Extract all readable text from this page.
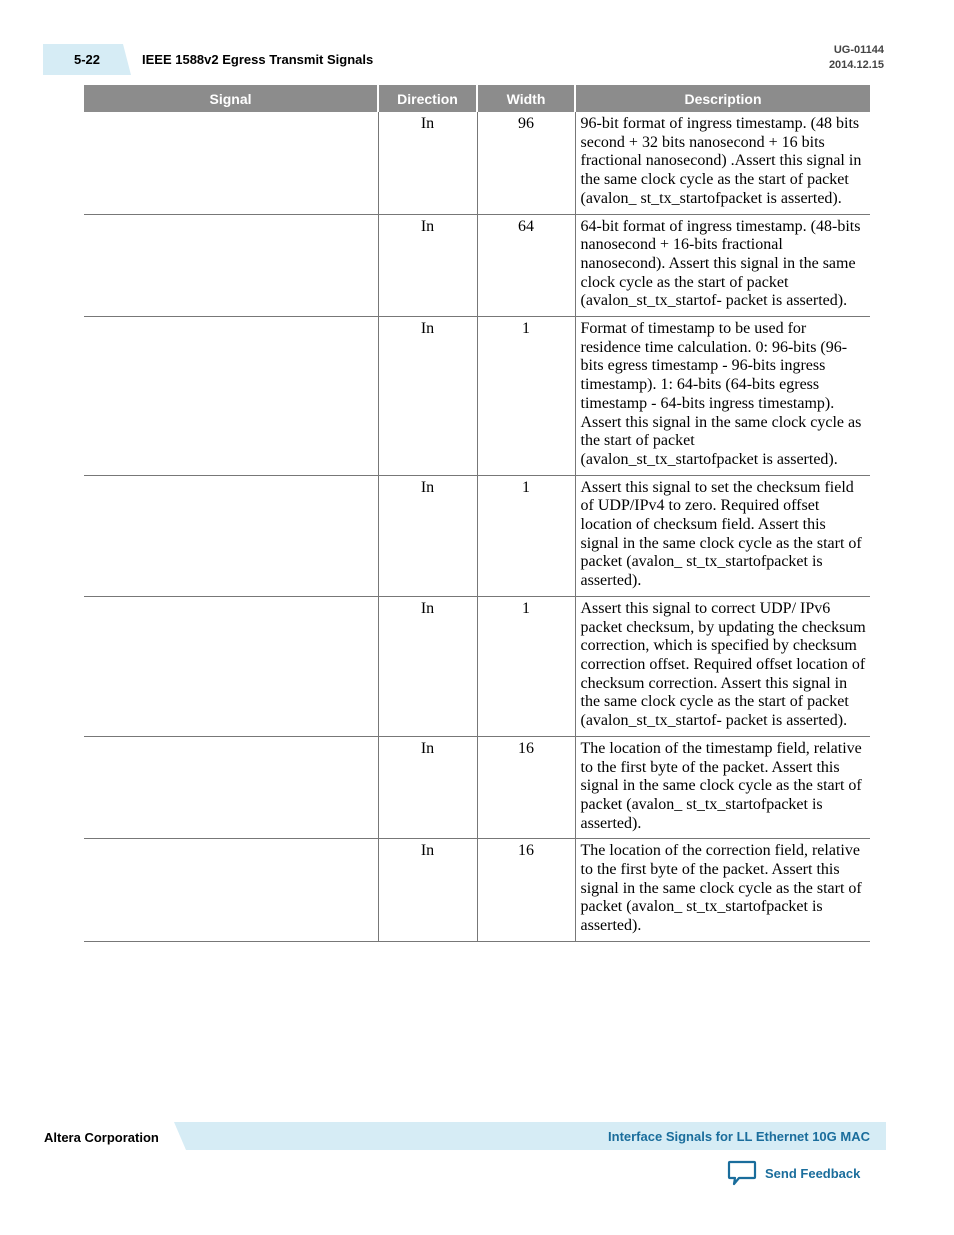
5-22	IEEE 1588v2 Egress Transmit Signals
UG-01144
2014.12.15
Signal	Direction	Width	Description
	In	96	96-bit format of ingress timestamp. (48 bits second + 32 bits nanosecond + 16 bits fractional nanosecond) .Assert this signal in the same clock cycle as the start of packet (avalon_ st_tx_startofpacket is asserted).
	In	64	64-bit format of ingress timestamp. (48-bits nanosecond + 16-bits fractional nanosecond). Assert this signal in the same clock cycle as the start of packet (avalon_st_tx_startof- packet is asserted).
	In	1	Format of timestamp to be used for residence time calculation. 0: 96-bits (96-bits egress timestamp - 96-bits ingress timestamp). 1: 64-bits (64-bits egress timestamp - 64-bits ingress timestamp). Assert this signal in the same clock cycle as the start of packet (avalon_st_tx_startofpacket is asserted).
	In	1	Assert this signal to set the checksum field of UDP/IPv4 to zero. Required offset location of checksum field. Assert this signal in the same clock cycle as the start of packet (avalon_ st_tx_startofpacket is asserted).
	In	1	Assert this signal to correct UDP/ IPv6 packet checksum, by updating the checksum correction, which is specified by checksum correction offset. Required offset location of checksum correction. Assert this signal in the same clock cycle as the start of packet (avalon_st_tx_startof- packet is asserted).
	In	16	The location of the timestamp field, relative to the first byte of the packet. Assert this signal in the same clock cycle as the start of packet (avalon_ st_tx_startofpacket is asserted).
	In	16	The location of the correction field, relative to the first byte of the packet. Assert this signal in the same clock cycle as the start of packet (avalon_ st_tx_startofpacket is asserted).
Altera Corporation	Interface Signals for LL Ethernet 10G MAC
Send Feedback
